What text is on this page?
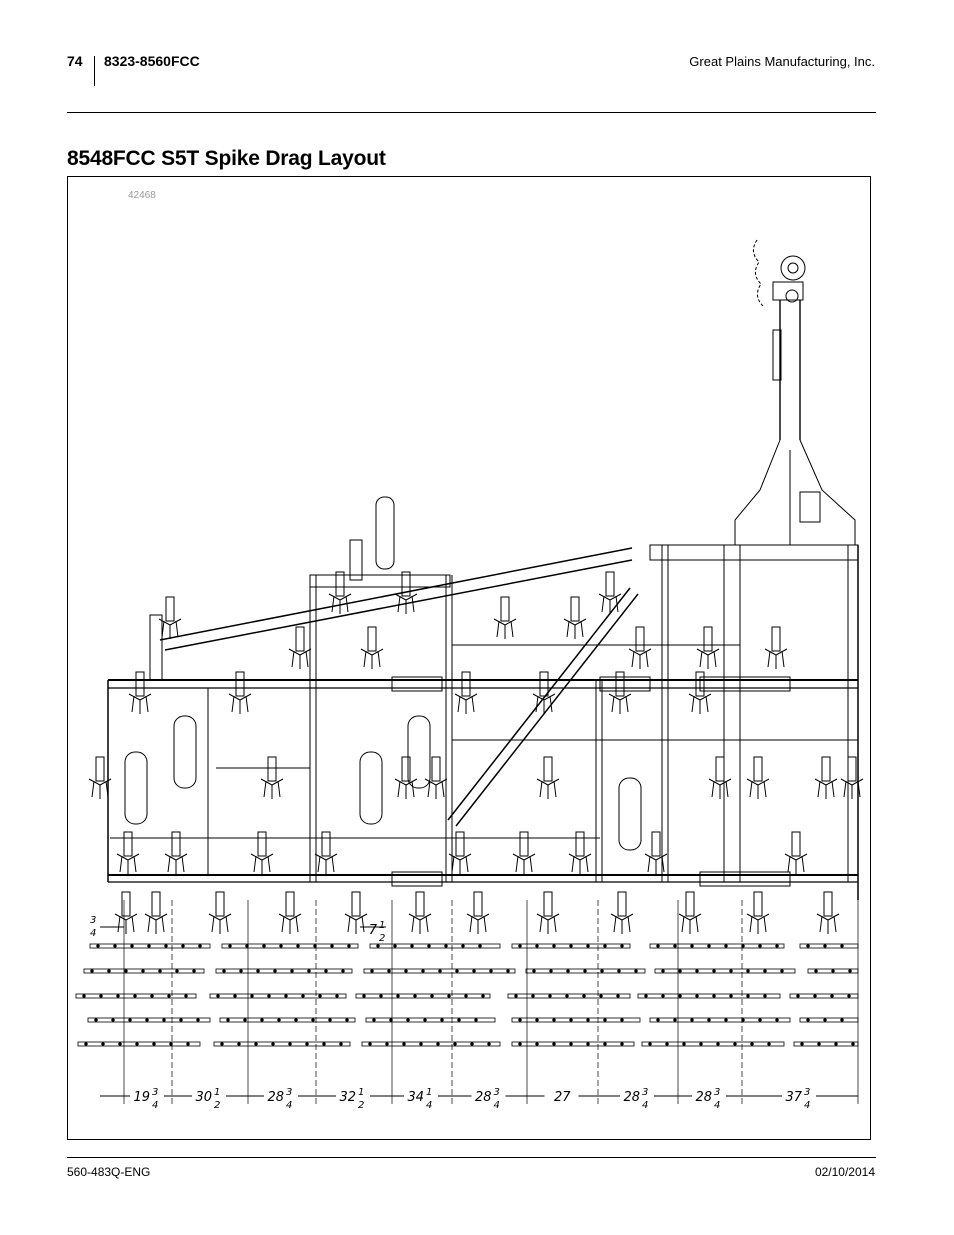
74 8323-8560FCC	Great Plains Manufacturing, Inc.
8548FCC S5T Spike Drag Layout
42468
19 3
4
30 1
2
28 3
4
32 1
2
34 1
4
28 3
4
27	28 3
4
28 3
4
37 3
4
3
4	7 1
2
560-483Q-ENG	02/10/2014
